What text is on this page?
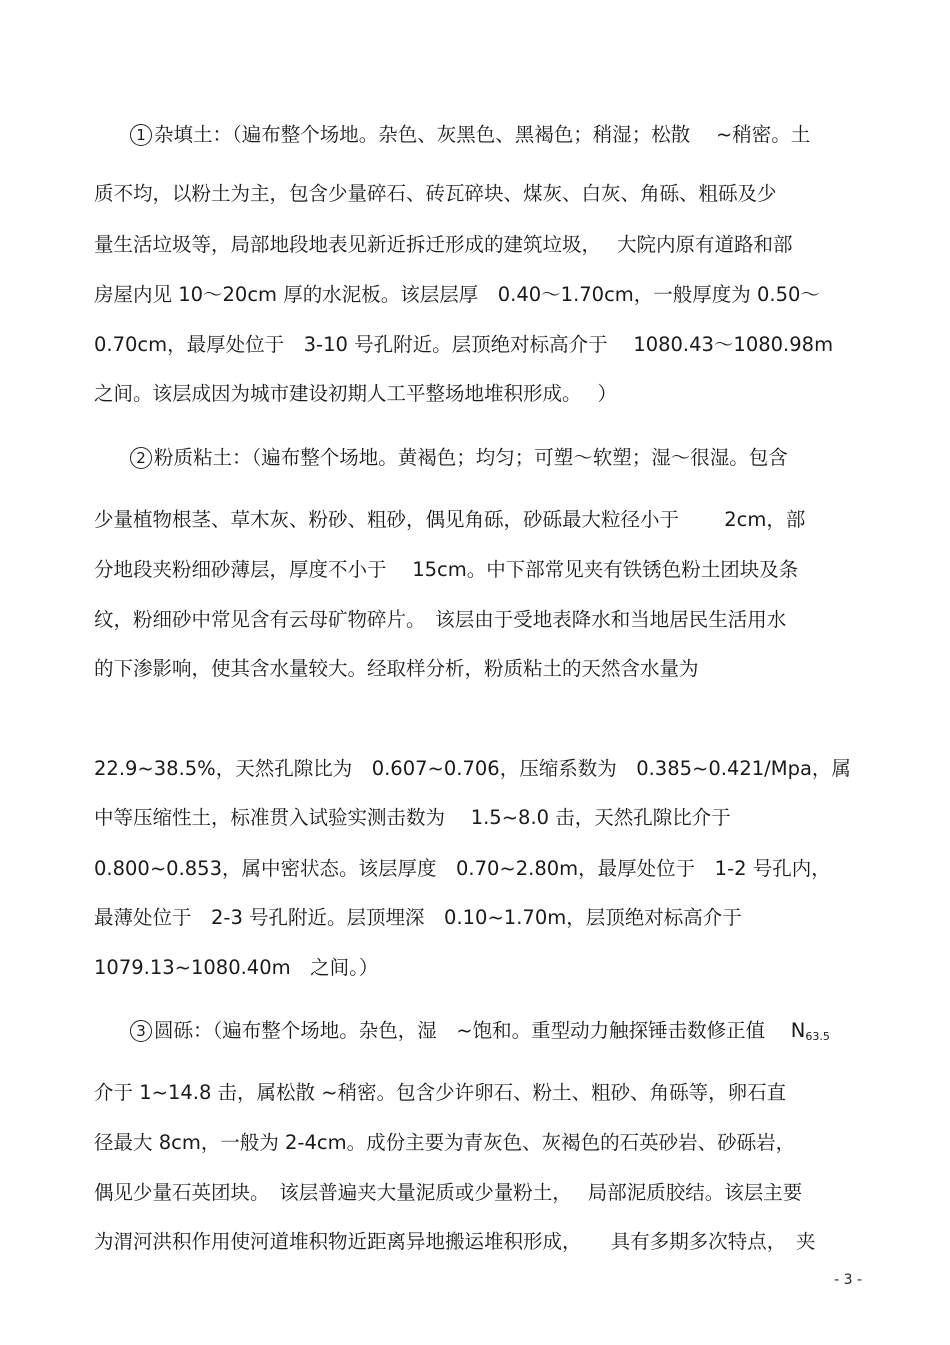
1 杂填土：（遍布整个场地。杂色、灰黑色、黑褐色；稍湿；松散　 ~稍密。土
质不均，以粉土为主，包含少量碎石、砖瓦碎块、煤灰、白灰、角砾、粗砾及少
量生活垃圾等，局部地段地表见新近拆迁形成的建筑垃圾，　 大院内原有道路和部
房屋内见 10～20cm 厚的水泥板。该层层厚　0.40～1.70cm，一般厚度为 0.50～
0.70cm，最厚处位于　3-10 号孔附近。层顶绝对标高介于　 1080.43～1080.98m
之间。该层成因为城市建设初期人工平整场地堆积形成。　 ）
2 粉质粘土：（遍布整个场地。黄褐色；均匀；可塑～软塑；湿～很湿。包含
少量植物根茎、草木灰、粉砂、粗砂，偶见角砾，砂砾最大粒径小于　　 2cm，部
分地段夹粉细砂薄层，厚度不小于　 15cm。中下部常见夹有铁锈色粉土团块及条
纹，粉细砂中常见含有云母矿物碎片。　该层由于受地表降水和当地居民生活用水
的下渗影响，使其含水量较大。经取样分析，粉质粘土的天然含水量为
22.9~38.5%，天然孔隙比为　0.607~0.706，压缩系数为　0.385~0.421/Mpa，属
中等压缩性土，标准贯入试验实测击数为　 1.5~8.0 击，天然孔隙比介于
0.800~0.853，属中密状态。该层厚度　0.70~2.80m，最厚处位于　1-2 号孔内，
最薄处位于　2-3 号孔附近。层顶埋深　0.10~1.70m，层顶绝对标高介于
1079.13~1080.40m　之间。）
3 圆砾：（遍布整个场地。杂色，湿　~饱和。重型动力触探锤击数修正值　 $N_{63.5}$
介于 1~14.8 击，属松散 ~稍密。包含少许卵石、粉土、粗砂、角砾等，卵石直
径最大 8cm，一般为 2-4cm。成份主要为青灰色、灰褐色的石英砂岩、砂砾岩，
偶见少量石英团块。　该层普遍夹大量泥质或少量粉土，　 局部泥质胶结。该层主要
为渭河洪积作用使河道堆积物近距离异地搬运堆积形成，　　具有多期多次特点，　夹
- 3 -
